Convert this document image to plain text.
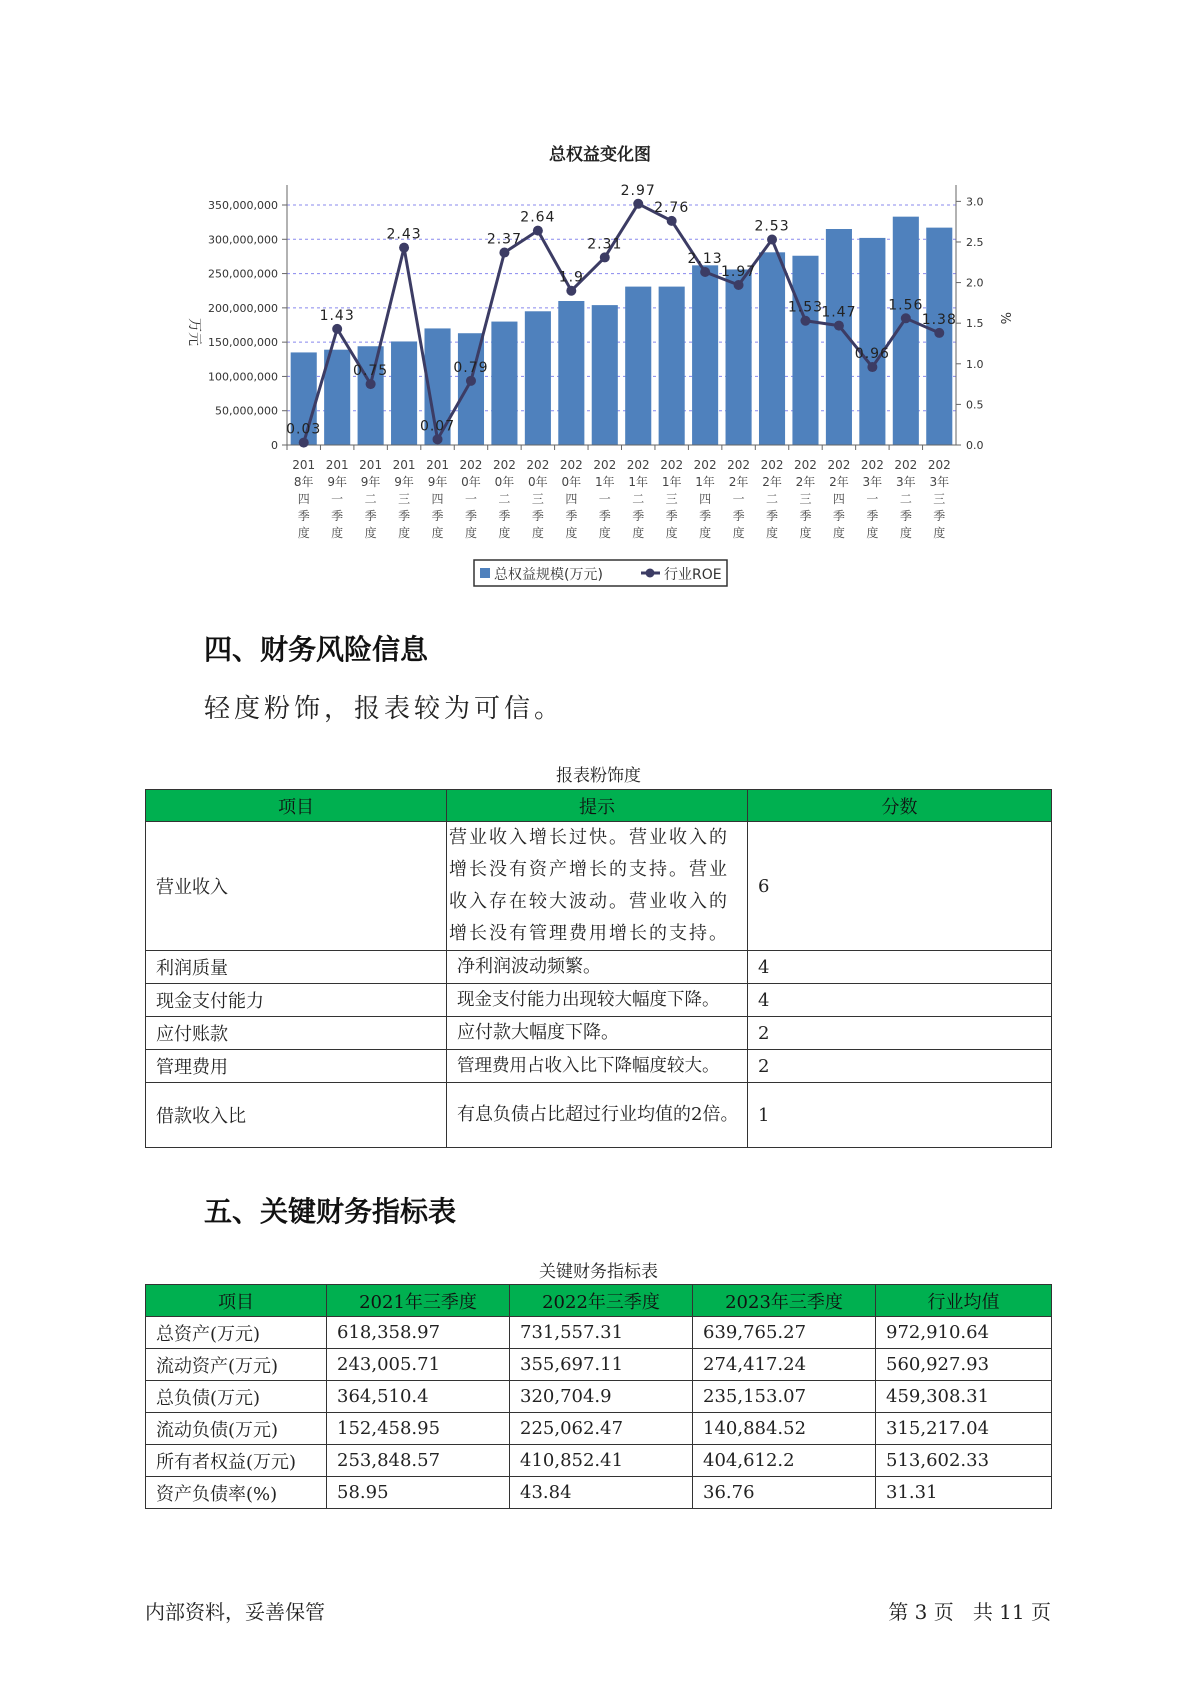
总权益变化图
350,000,000
300,000,000
250,000,000
200,000,000
150,000,000
100,000,000
50,000,000
0
3.0
2.5
2.0
1.5
1.0
0.5
0.0
201 8年四季度
201 9年一季度
201 9年二季度
201 9年三季度
201 9年四季度
202 0年一季度
202 0年二季度
202 0年三季度
202 0年四季度
202 1年一季度
202 1年二季度
202 1年三季度
202 1年四季度
202 2年一季度
202 2年二季度
202 2年三季度
202 2年四季度
202 3年一季度
202 3年二季度
202 3年三季度
0.03
1.43
0.75
2.43
0.07
0.79
2.37
2.64
1.9
2.31
2.97
2.76
2.13
1.97
2.53
1.53
1.47
0.96
1.56
1.38
万元	%
总权益规模(万元)	行业ROE
四、财务风险信息
轻度粉饰，报表较为可信。
报表粉饰度
项目	提示	分数
营业收入	营业收入增长过快。营业收入的增长没有资产增长的支持。营业收入存在较大波动。营业收入的增长没有管理费用增长的支持。	6
利润质量	净利润波动频繁。	4
现金支付能力	现金支付能力出现较大幅度下降。	4
应付账款	应付款大幅度下降。	2
管理费用	管理费用占收入比下降幅度较大。	2
借款收入比	有息负债占比超过行业均值的2倍。	1
五、关键财务指标表
关键财务指标表
项目	2021年三季度	2022年三季度	2023年三季度	行业均值
总资产(万元)	618,358.97	731,557.31	639,765.27	972,910.64
流动资产(万元)	243,005.71	355,697.11	274,417.24	560,927.93
总负债(万元)	364,510.4	320,704.9	235,153.07	459,308.31
流动负债(万元)	152,458.95	225,062.47	140,884.52	315,217.04
所有者权益(万元)	253,848.57	410,852.41	404,612.2	513,602.33
资产负债率(%)	58.95	43.84	36.76	31.31
内部资料，妥善保管	第 3 页   共 11 页
